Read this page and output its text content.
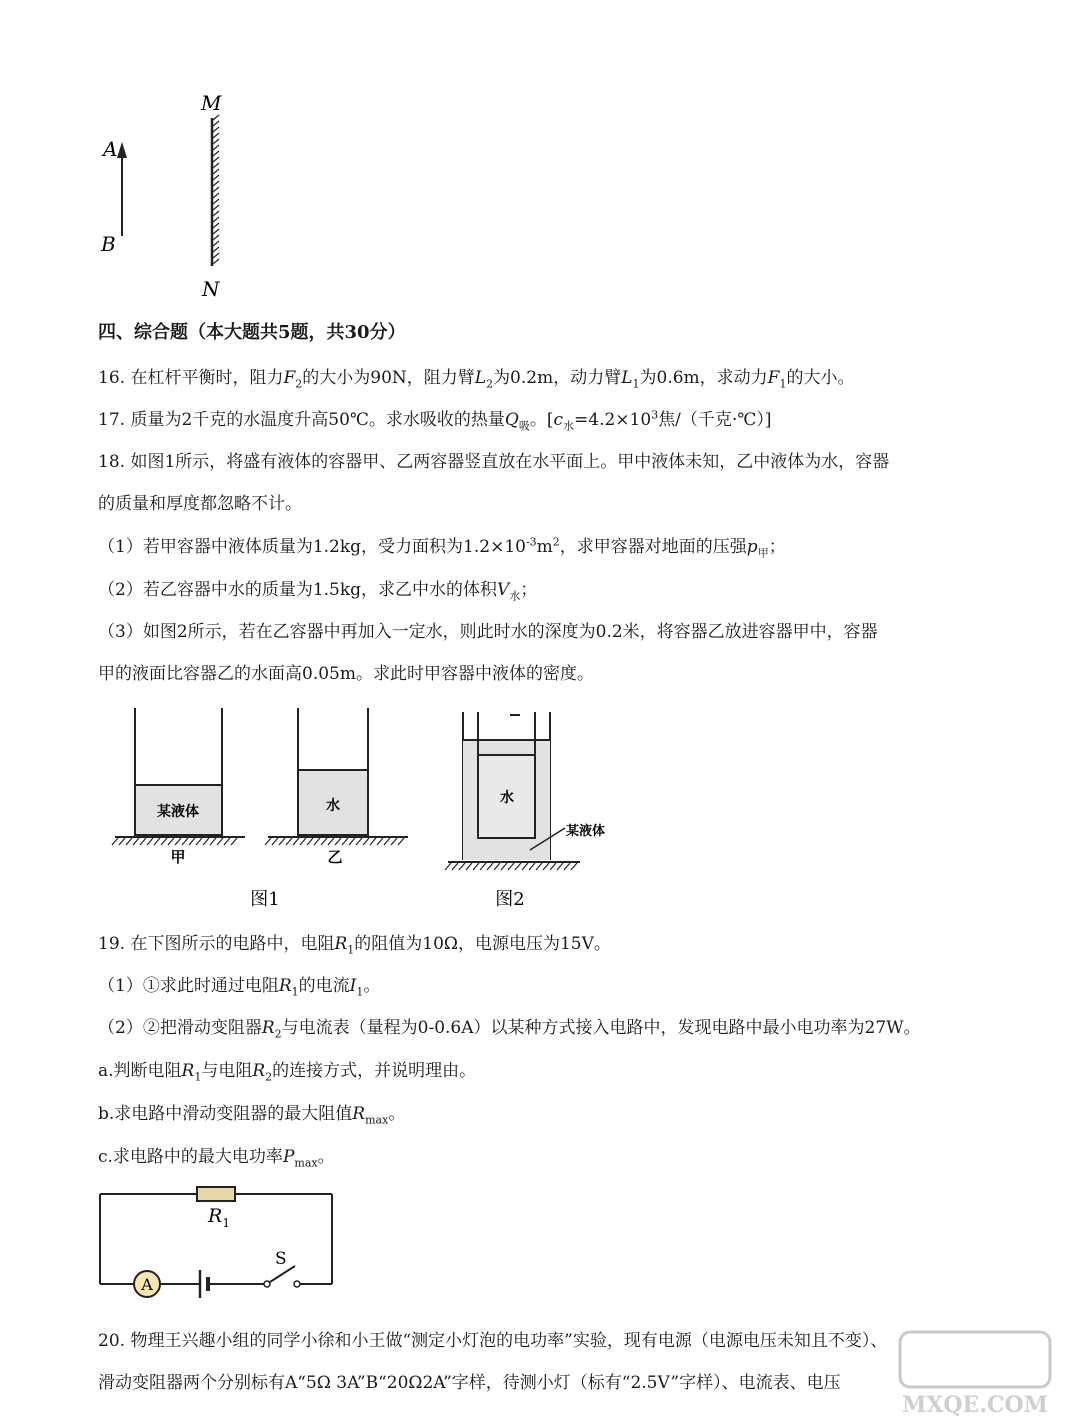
M
N
A
B
四、综合题（本大题共5题，共30分）
16. 在杠杆平衡时，阻力$F_2$的大小为90N，阻力臂$L_2$为0.2m，动力臂$L_1$为0.6m，求动力$F_1$的大小。
17. 质量为2千克的水温度升高50℃。求水吸收的热量$Q_吸$。[$c_水=4.2\times 10^3$焦/（千克·℃）]
18. 如图1所示，将盛有液体的容器甲、乙两容器竖直放在水平面上。甲中液体未知，乙中液体为水，容器
的质量和厚度都忽略不计。
（1）若甲容器中液体质量为1.2kg，受力面积为$1.2\times 10^{-3}m^2$，求甲容器对地面的压强$p_甲$；
（2）若乙容器中水的质量为1.5kg，求乙中水的体积$V_水$；
（3）如图2所示，若在乙容器中再加入一定水，则此时水的深度为0.2米，将容器乙放进容器甲中，容器
甲的液面比容器乙的水面高0.05m。求此时甲容器中液体的密度。
某液体
甲
水
乙
水
某液体
图1	图2
19. 在下图所示的电路中，电阻$R_1$的阻值为10Ω，电源电压为15V。
（1）①求此时通过电阻$R_1$的电流$I_1$。
（2）②把滑动变阻器$R_2$与电流表（量程为0-0.6A）以某种方式接入电路中，发现电路中最小电功率为27W。
a.判断电阻$R_1$与电阻$R_2$的连接方式，并说明理由。
b.求电路中滑动变阻器的最大阻值$R_{max}$。
c.求电路中的最大电功率$P_{max}$。
$R_1$
A
S
20. 物理王兴趣小组的同学小徐和小王做“测定小灯泡的电功率”实验，现有电源（电源电压未知且不变）、
滑动变阻器两个分别标有A“5Ω 3A”B“20Ω2A”字样，待测小灯（标有“2.5V”字样）、电流表、电压
MXQE.COM
